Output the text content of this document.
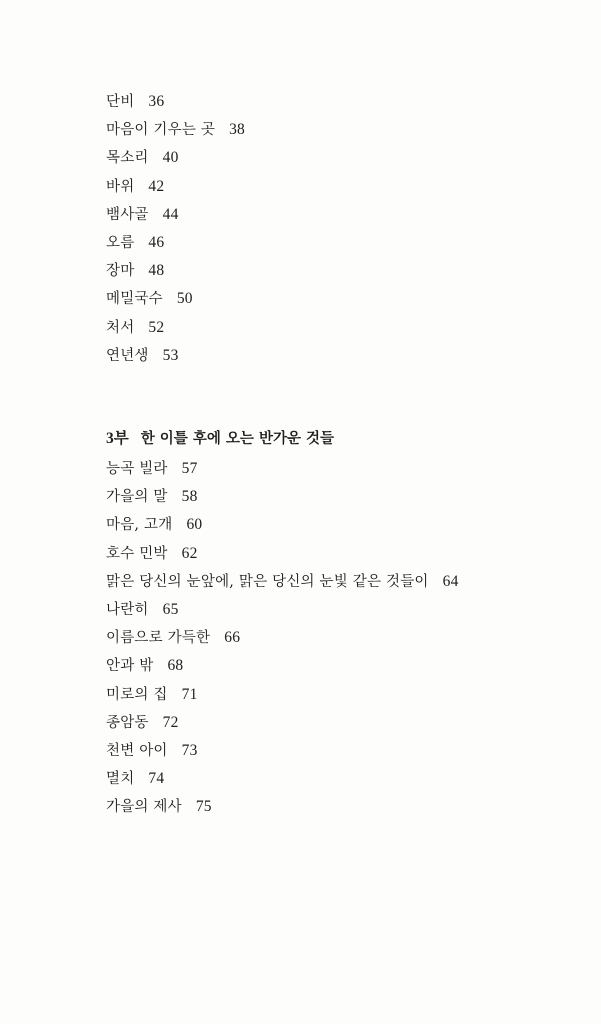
단비 36
마음이 기우는 곳 38
목소리 40
바위 42
뱀사골 44
오름 46
장마 48
메밀국수 50
처서 52
연년생 53
3부 한 이틀 후에 오는 반가운 것들
능곡 빌라 57
가을의 말 58
마음, 고개 60
호수 민박 62
맑은 당신의 눈앞에, 맑은 당신의 눈빛 같은 것들이 64
나란히 65
이름으로 가득한 66
안과 밖 68
미로의 집 71
종암동 72
천변 아이 73
멸치 74
가을의 제사 75
